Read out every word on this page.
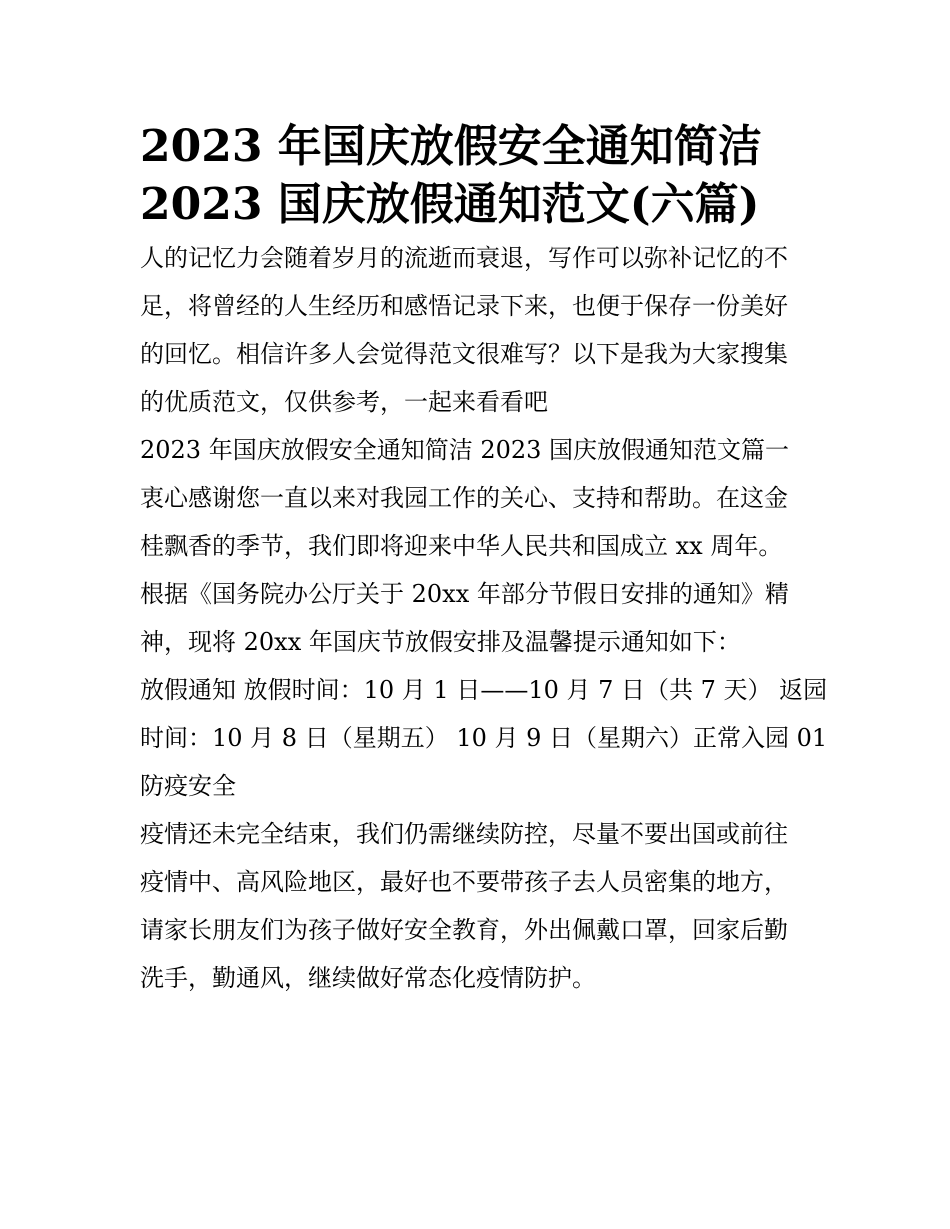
2023 年国庆放假安全通知简洁
2023 国庆放假通知范文(六篇)
人的记忆力会随着岁月的流逝而衰退，写作可以弥补记忆的不
足，将曾经的人生经历和感悟记录下来，也便于保存一份美好
的回忆。相信许多人会觉得范文很难写？以下是我为大家搜集
的优质范文，仅供参考，一起来看看吧
2023 年国庆放假安全通知简洁 2023 国庆放假通知范文篇一
衷心感谢您一直以来对我园工作的关心、支持和帮助。在这金
桂飘香的季节，我们即将迎来中华人民共和国成立 xx 周年。
根据《国务院办公厅关于 20xx 年部分节假日安排的通知》精
神，现将 20xx 年国庆节放假安排及温馨提示通知如下：
放假通知 放假时间：10 月 1 日——10 月 7 日（共 7 天） 返园
时间：10 月 8 日（星期五） 10 月 9 日（星期六）正常入园 01
防疫安全
疫情还未完全结束，我们仍需继续防控，尽量不要出国或前往
疫情中、高风险地区，最好也不要带孩子去人员密集的地方，
请家长朋友们为孩子做好安全教育，外出佩戴口罩，回家后勤
洗手，勤通风，继续做好常态化疫情防护。
